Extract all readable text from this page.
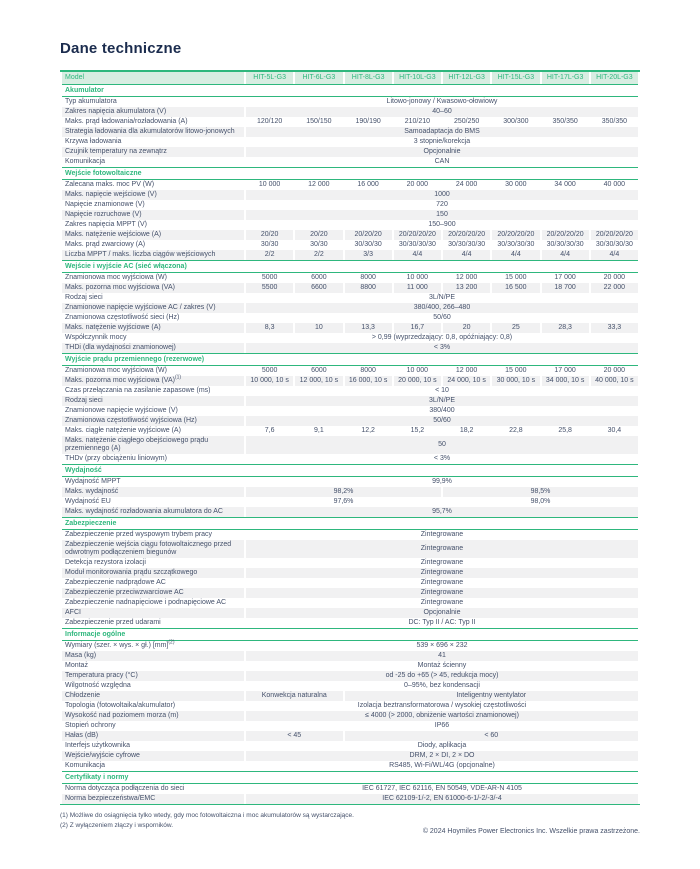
Dane techniczne
Model	HIT-5L-G3	HIT-6L-G3	HIT-8L-G3	HIT-10L-G3	HIT-12L-G3	HIT-15L-G3	HIT-17L-G3	HIT-20L-G3
Akumulator								
Typ akumulatora	Litowo-jonowy / Kwasowo-ołowiowy							
Zakres napięcia akumulatora (V)	40–60							
Maks. prąd ładowania/rozładowania (A)	120/120	150/150	190/190	210/210	250/250	300/300	350/350	350/350
Strategia ładowania dla akumulatorów litowo-jonowych	Samoadaptacja do BMS							
Krzywa ładowania	3 stopnie/korekcja							
Czujnik temperatury na zewnątrz	Opcjonalnie							
Komunikacja	CAN							
Wejście fotowoltaiczne								
Zalecana maks. moc PV (W)	10 000	12 000	16 000	20 000	24 000	30 000	34 000	40 000
Maks. napięcie wejściowe (V)	1000							
Napięcie znamionowe (V)	720							
Napięcie rozruchowe (V)	150							
Zakres napięcia MPPT (V)	150–900							
Maks. natężenie wejściowe (A)	20/20	20/20	20/20/20	20/20/20/20	20/20/20/20	20/20/20/20	20/20/20/20	20/20/20/20
Maks. prąd zwarciowy (A)	30/30	30/30	30/30/30	30/30/30/30	30/30/30/30	30/30/30/30	30/30/30/30	30/30/30/30
Liczba MPPT / maks. liczba ciągów wejściowych	2/2	2/2	3/3	4/4	4/4	4/4	4/4	4/4
Wejście i wyjście AC (sieć włączona)								
Znamionowa moc wyjściowa (W)	5000	6000	8000	10 000	12 000	15 000	17 000	20 000
Maks. pozorna moc wyjściowa (VA)	5500	6600	8800	11 000	13 200	16 500	18 700	22 000
Rodzaj sieci	3L/N/PE							
Znamionowe napięcie wyjściowe AC / zakres (V)	380/400, 266–480							
Znamionowa częstotliwość sieci (Hz)	50/60							
Maks. natężenie wyjściowe (A)	8,3	10	13,3	16,7	20	25	28,3	33,3
Współczynnik mocy	> 0,99 (wyprzedzający: 0,8, opóźniający: 0,8)							
THDi (dla wydajności znamionowej)	< 3%							
Wyjście prądu przemiennego (rezerwowe)								
Znamionowa moc wyjściowa (W)	5000	6000	8000	10 000	12 000	15 000	17 000	20 000
Maks. pozorna moc wyjściowa (VA)$^{(1)}$	10 000, 10 s	12 000, 10 s	16 000, 10 s	20 000, 10 s	24 000, 10 s	30 000, 10 s	34 000, 10 s	40 000, 10 s
Czas przełączania na zasilanie zapasowe (ms)	< 10							
Rodzaj sieci	3L/N/PE							
Znamionowe napięcie wyjściowe (V)	380/400							
Znamionowa częstotliwość wyjściowa (Hz)	50/60							
Maks. ciągłe natężenie wyjściowe (A)	7,6	9,1	12,2	15,2	18,2	22,8	25,8	30,4
Maks. natężenie ciągłego obejściowego prądu przemiennego (A)	50							
THDv (przy obciążeniu liniowym)	< 3%							
Wydajność								
Wydajność MPPT	99,9%							
Maks. wydajność	98,2%				98,5%			
Wydajność EU	97,6%				98,0%			
Maks. wydajność rozładowania akumulatora do AC	95,7%							
Zabezpieczenie								
Zabezpieczenie przed wyspowym trybem pracy	Zintegrowane							
Zabezpieczenie wejścia ciągu fotowoltaicznego przed odwrotnym podłączeniem biegunów	Zintegrowane							
Detekcja rezystora izolacji	Zintegrowane							
Moduł monitorowania prądu szczątkowego	Zintegrowane							
Zabezpieczenie nadprądowe AC	Zintegrowane							
Zabezpieczenie przeciwzwarciowe AC	Zintegrowane							
Zabezpieczenie nadnapięciowe i podnapięciowe AC	Zintegrowane							
AFCI	Opcjonalnie							
Zabezpieczenie przed udarami	DC: Typ II / AC: Typ II							
Informacje ogólne								
Wymiary (szer. × wys. × gł.) [mm]$^{(2)}$	539 × 696 × 232							
Masa (kg)	41							
Montaż	Montaż ścienny							
Temperatura pracy (°C)	od -25 do +65 (> 45, redukcja mocy)							
Wilgotność względna	0–95%, bez kondensacji							
Chłodzenie	Konwekcja naturalna		Inteligentny wentylator					
Topologia (fotowoltaika/akumulator)	Izolacja beztransformatorowa / wysokiej częstotliwości							
Wysokość nad poziomem morza (m)	≤ 4000 (> 2000, obniżenie wartości znamionowej)							
Stopień ochrony	IP66							
Hałas (dB)	< 45		< 60					
Interfejs użytkownika	Diody, aplikacja							
Wejście/wyjście cyfrowe	DRM, 2 × DI, 2 × DO							
Komunikacja	RS485, Wi-Fi/WL/4G (opcjonalne)							
Certyfikaty i normy								
Norma dotycząca podłączenia do sieci	IEC 61727, IEC 62116, EN 50549, VDE-AR-N 4105							
Norma bezpieczeństwa/EMC	IEC 62109-1/-2, EN 61000-6-1/-2/-3/-4							
(1) Możliwe do osiągnięcia tylko wtedy, gdy moc fotowoltaiczna i moc akumulatorów są wystarczające.
(2) Z wyłączeniem złączy i wsporników.
© 2024 Hoymiles Power Electronics Inc. Wszelkie prawa zastrzeżone.
